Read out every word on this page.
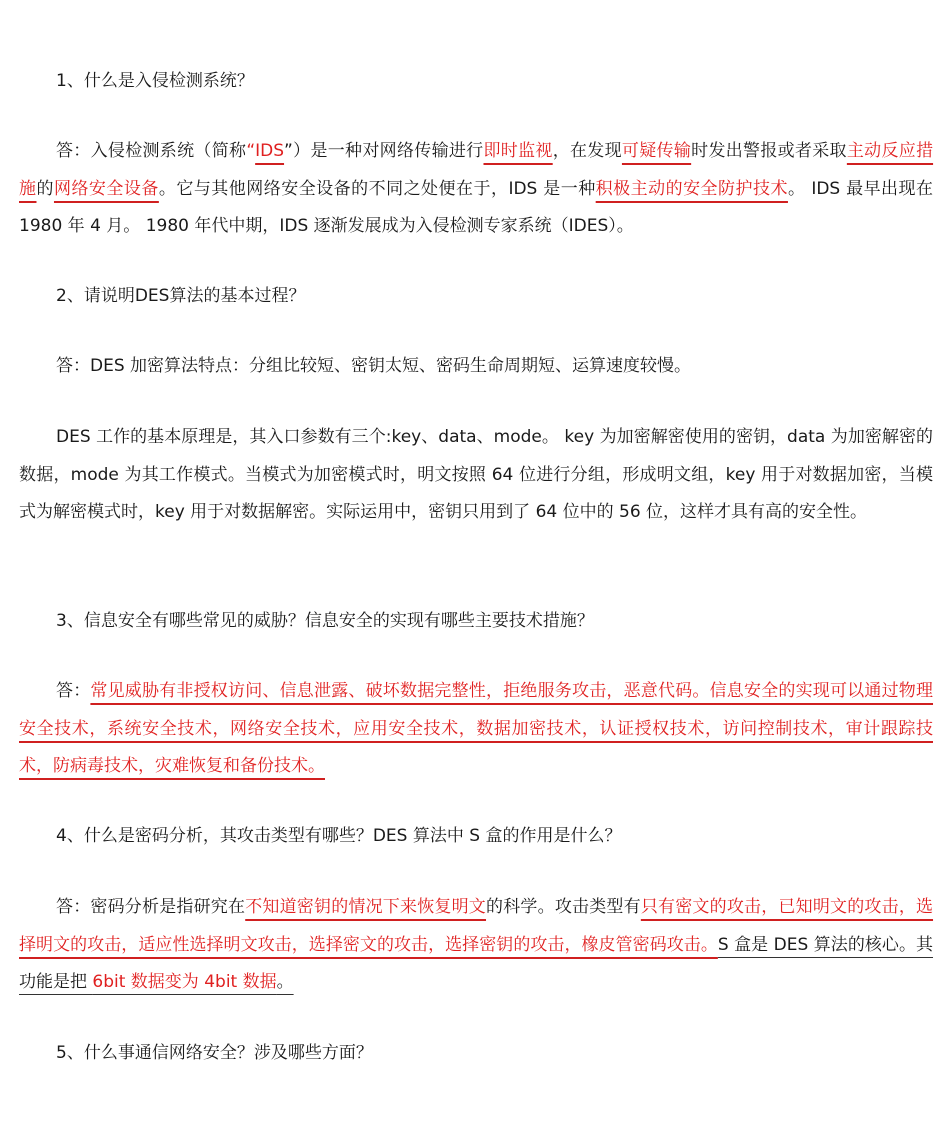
1、什么是入侵检测系统？
答：入侵检测系统（简称“IDS”）是一种对网络传输进行即时监视，在发现可疑传输时发出警报或者采取主动反应措施的网络安全设备。它与其他网络安全设备的不同之处便在于，IDS 是一种积极主动的安全防护技术。 IDS 最早出现在 1980 年 4 月。 1980 年代中期，IDS 逐渐发展成为入侵检测专家系统（IDES）。
2、请说明DES算法的基本过程？
答：DES 加密算法特点：分组比较短、密钥太短、密码生命周期短、运算速度较慢。
DES 工作的基本原理是，其入口参数有三个:key、data、mode。 key 为加密解密使用的密钥，data 为加密解密的数据，mode 为其工作模式。当模式为加密模式时，明文按照 64 位进行分组，形成明文组，key 用于对数据加密，当模式为解密模式时，key 用于对数据解密。实际运用中，密钥只用到了 64 位中的 56 位，这样才具有高的安全性。
3、信息安全有哪些常见的威胁？信息安全的实现有哪些主要技术措施？
答：常见威胁有非授权访问、信息泄露、破坏数据完整性，拒绝服务攻击，恶意代码。信息安全的实现可以通过物理安全技术，系统安全技术，网络安全技术，应用安全技术，数据加密技术，认证授权技术，访问控制技术，审计跟踪技术，防病毒技术，灾难恢复和备份技术。
4、什么是密码分析，其攻击类型有哪些？DES 算法中 S 盒的作用是什么？
答：密码分析是指研究在不知道密钥的情况下来恢复明文的科学。攻击类型有只有密文的攻击，已知明文的攻击，选择明文的攻击，适应性选择明文攻击，选择密文的攻击，选择密钥的攻击，橡皮管密码攻击。S 盒是 DES 算法的核心。其功能是把 6bit 数据变为 4bit 数据。
5、什么事通信网络安全？涉及哪些方面？
